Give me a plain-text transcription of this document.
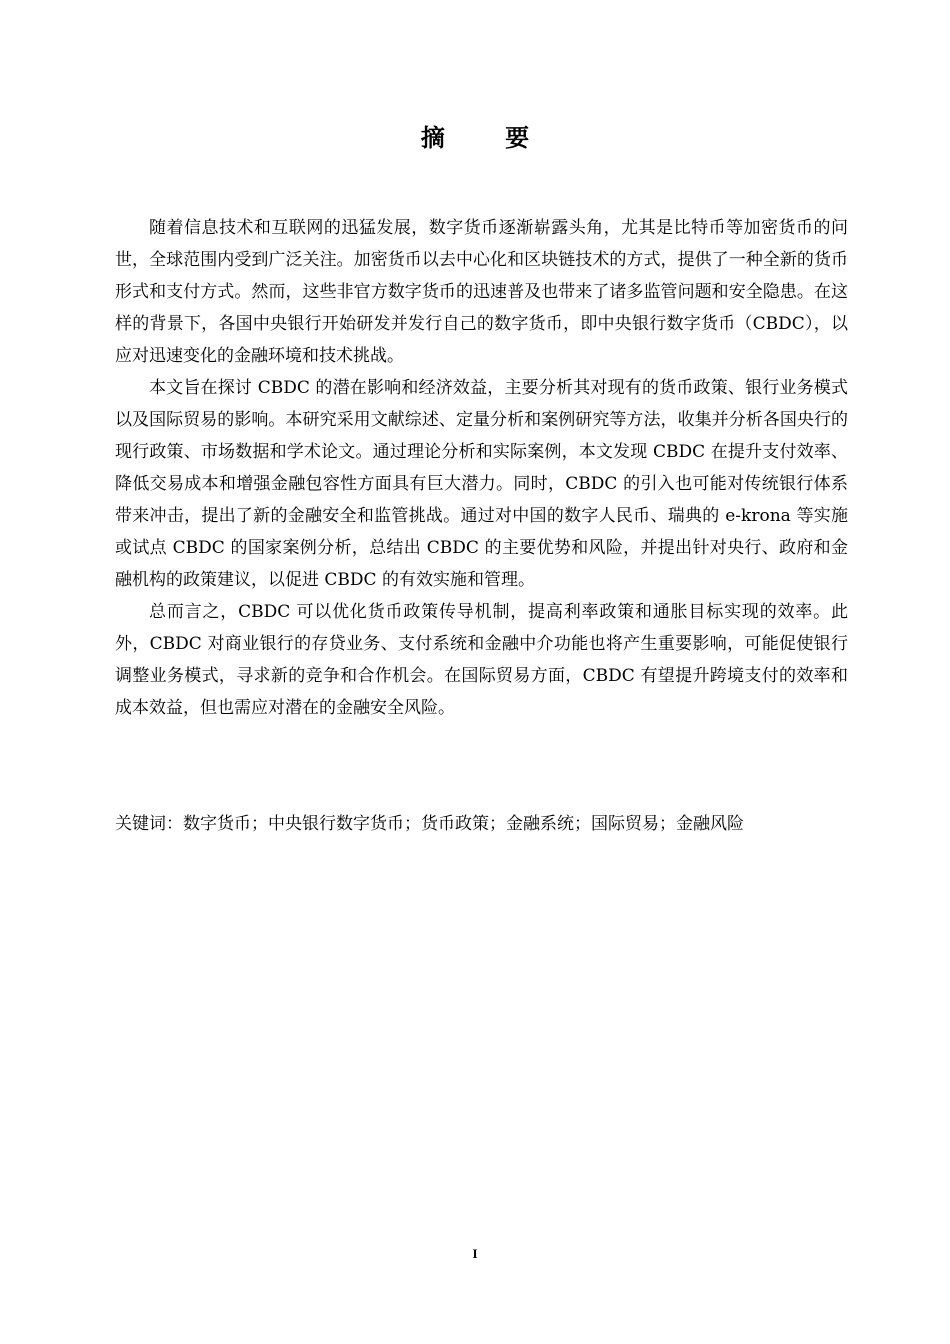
摘 要

随着信息技术和互联网的迅猛发展，数字货币逐渐崭露头角，尤其是比特币等加密货币的问世，全球范围内受到广泛关注。加密货币以去中心化和区块链技术的方式，提供了一种全新的货币形式和支付方式。然而，这些非官方数字货币的迅速普及也带来了诸多监管问题和安全隐患。在这样的背景下，各国中央银行开始研发并发行自己的数字货币，即中央银行数字货币（CBDC），以应对迅速变化的金融环境和技术挑战。

本文旨在探讨 CBDC 的潜在影响和经济效益，主要分析其对现有的货币政策、银行业务模式以及国际贸易的影响。本研究采用文献综述、定量分析和案例研究等方法，收集并分析各国央行的现行政策、市场数据和学术论文。通过理论分析和实际案例，本文发现 CBDC 在提升支付效率、降低交易成本和增强金融包容性方面具有巨大潜力。同时，CBDC 的引入也可能对传统银行体系带来冲击，提出了新的金融安全和监管挑战。通过对中国的数字人民币、瑞典的 e-krona 等实施或试点 CBDC 的国家案例分析，总结出 CBDC 的主要优势和风险，并提出针对央行、政府和金融机构的政策建议，以促进 CBDC 的有效实施和管理。

总而言之，CBDC 可以优化货币政策传导机制，提高利率政策和通胀目标实现的效率。此外，CBDC 对商业银行的存贷业务、支付系统和金融中介功能也将产生重要影响，可能促使银行调整业务模式，寻求新的竞争和合作机会。在国际贸易方面，CBDC 有望提升跨境支付的效率和成本效益，但也需应对潜在的金融安全风险。

关键词：数字货币；中央银行数字货币；货币政策；金融系统；国际贸易；金融风险
I
